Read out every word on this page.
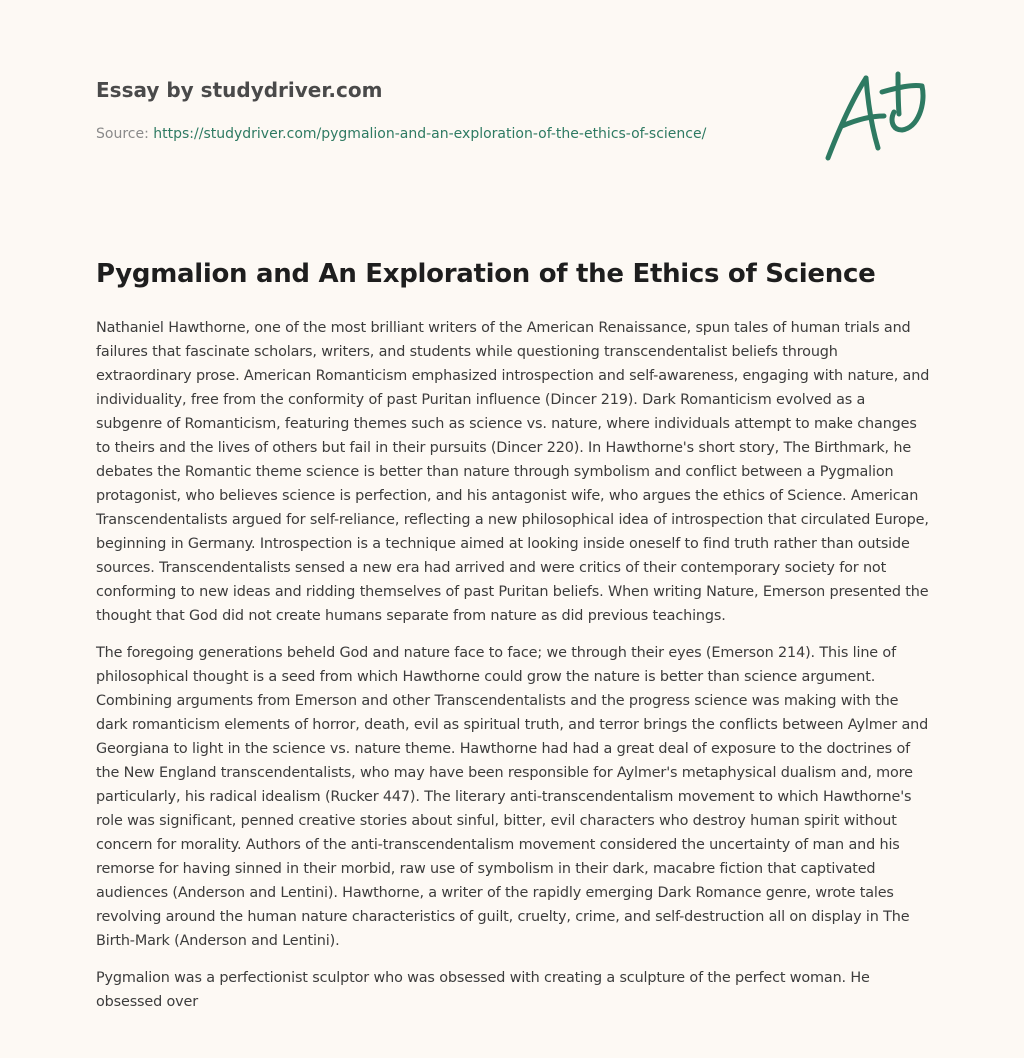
Essay by studydriver.com
Source: https://studydriver.com/pygmalion-and-an-exploration-of-the-ethics-of-science/
Pygmalion and An Exploration of the Ethics of Science

Nathaniel Hawthorne, one of the most brilliant writers of the American Renaissance, spun tales of human trials and failures that fascinate scholars, writers, and students while questioning transcendentalist beliefs through extraordinary prose. American Romanticism emphasized introspection and self-awareness, engaging with nature, and individuality, free from the conformity of past Puritan influence (Dincer 219). Dark Romanticism evolved as a subgenre of Romanticism, featuring themes such as science vs. nature, where individuals attempt to make changes to theirs and the lives of others but fail in their pursuits (Dincer 220). In Hawthorne's short story, The Birthmark, he debates the Romantic theme science is better than nature through symbolism and conflict between a Pygmalion protagonist, who believes science is perfection, and his antagonist wife, who argues the ethics of Science. American Transcendentalists argued for self-reliance, reflecting a new philosophical idea of introspection that circulated Europe, beginning in Germany. Introspection is a technique aimed at looking inside oneself to find truth rather than outside sources. Transcendentalists sensed a new era had arrived and were critics of their contemporary society for not conforming to new ideas and ridding themselves of past Puritan beliefs. When writing Nature, Emerson presented the thought that God did not create humans separate from nature as did previous teachings.

The foregoing generations beheld God and nature face to face; we through their eyes (Emerson 214). This line of philosophical thought is a seed from which Hawthorne could grow the nature is better than science argument. Combining arguments from Emerson and other Transcendentalists and the progress science was making with the dark romanticism elements of horror, death, evil as spiritual truth, and terror brings the conflicts between Aylmer and Georgiana to light in the science vs. nature theme. Hawthorne had had a great deal of exposure to the doctrines of the New England transcendentalists, who may have been responsible for Aylmer's metaphysical dualism and, more particularly, his radical idealism (Rucker 447). The literary anti-transcendentalism movement to which Hawthorne's role was significant, penned creative stories about sinful, bitter, evil characters who destroy human spirit without concern for morality. Authors of the anti-transcendentalism movement considered the uncertainty of man and his remorse for having sinned in their morbid, raw use of symbolism in their dark, macabre fiction that captivated audiences (Anderson and Lentini). Hawthorne, a writer of the rapidly emerging Dark Romance genre, wrote tales revolving around the human nature characteristics of guilt, cruelty, crime, and self-destruction all on display in The Birth-Mark (Anderson and Lentini).

Pygmalion was a perfectionist sculptor who was obsessed with creating a sculpture of the perfect woman. He obsessed over
